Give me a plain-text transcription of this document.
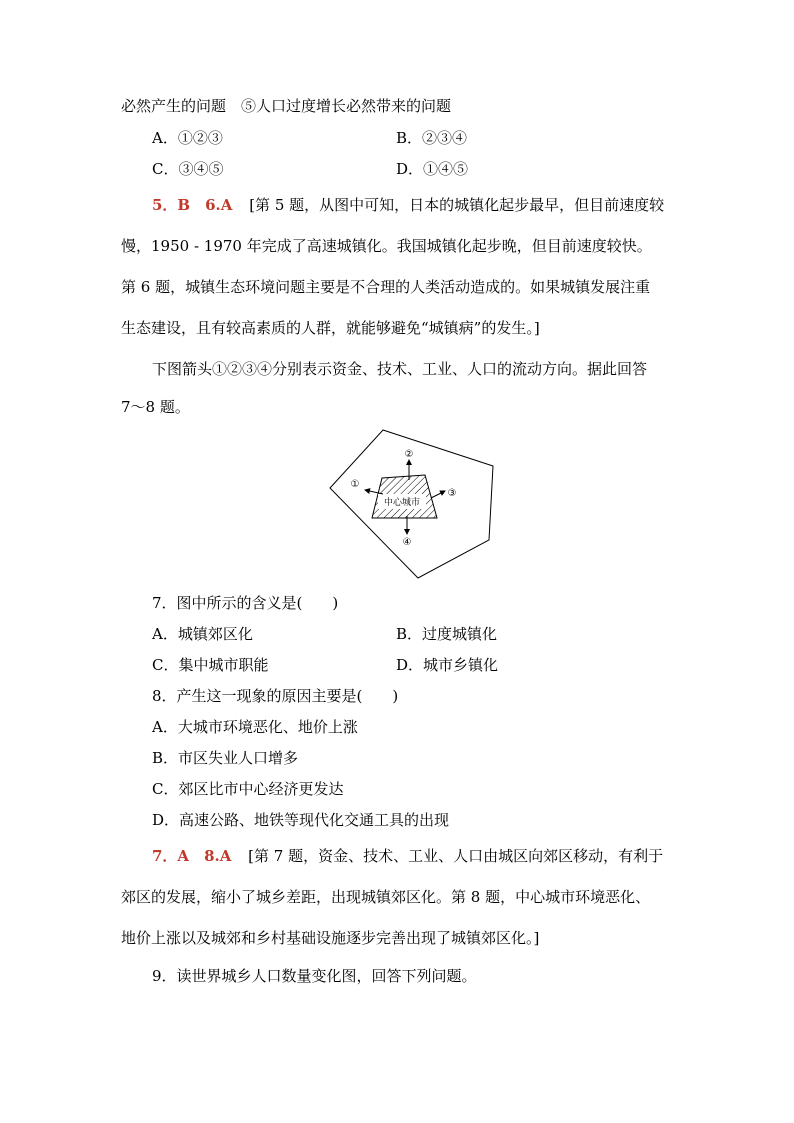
必然产生的问题　⑤人口过度增长必然带来的问题
A．①②③	B．②③④
C．③④⑤	D．①④⑤
5．B　6.A [第 5 题，从图中可知，日本的城镇化起步最早，但目前速度较
慢，1950 - 1970 年完成了高速城镇化。我国城镇化起步晚，但目前速度较快。
第 6 题，城镇生态环境问题主要是不合理的人类活动造成的。如果城镇发展注重
生态建设，且有较高素质的人群，就能够避免“城镇病”的发生。]
下图箭头①②③④分别表示资金、技术、工业、人口的流动方向。据此回答
7～8 题。
中心城市
①
②
③
④
7．图中所示的含义是(　　)
A．城镇郊区化	B．过度城镇化
C．集中城市职能	D．城市乡镇化
8．产生这一现象的原因主要是(　　)
A．大城市环境恶化、地价上涨
B．市区失业人口增多
C．郊区比市中心经济更发达
D．高速公路、地铁等现代化交通工具的出现
7．A　8.A [第 7 题，资金、技术、工业、人口由城区向郊区移动，有利于
郊区的发展，缩小了城乡差距，出现城镇郊区化。第 8 题，中心城市环境恶化、
地价上涨以及城郊和乡村基础设施逐步完善出现了城镇郊区化。]
9．读世界城乡人口数量变化图，回答下列问题。
